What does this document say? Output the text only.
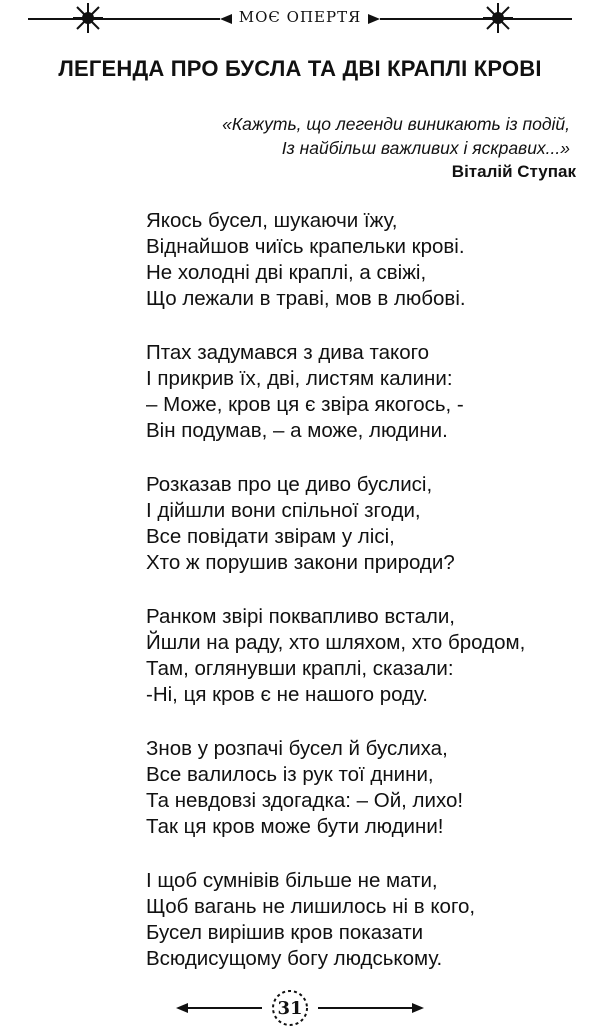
МОЄ ОПЕРТЯ
ЛЕГЕНДА ПРО БУСЛА ТА ДВІ КРАПЛІ КРОВІ
«Кажуть, що легенди виникають із подій,
Із найбільш важливих і яскравих...»
Віталій Ступак
Якось бусел, шукаючи їжу,
Віднайшов чиїсь крапельки крові.
Не холодні дві краплі, а свіжі,
Що лежали в траві, мов в любові.
Птах задумався з дива такого
І прикрив їх, дві, листям калини:
– Може, кров ця є звіра якогось, -
Він подумав, – а може, людини.
Розказав про це диво буслисі,
І дійшли вони спільної згоди,
Все повідати звірам у лісі,
Хто ж порушив закони природи?
Ранком звірі поквапливо встали,
Йшли на раду, хто шляхом, хто бродом,
Там, оглянувши краплі, сказали:
-Ні, ця кров є не нашого роду.
Знов у розпачі бусел й буслиха,
Все валилось із рук тої днини,
Та невдовзі здогадка: – Ой, лихо!
Так ця кров може бути людини!
І щоб сумнівів більше не мати,
Щоб вагань не лишилось ні в кого,
Бусел вирішив кров показати
Всюдисущому богу людському.
31
